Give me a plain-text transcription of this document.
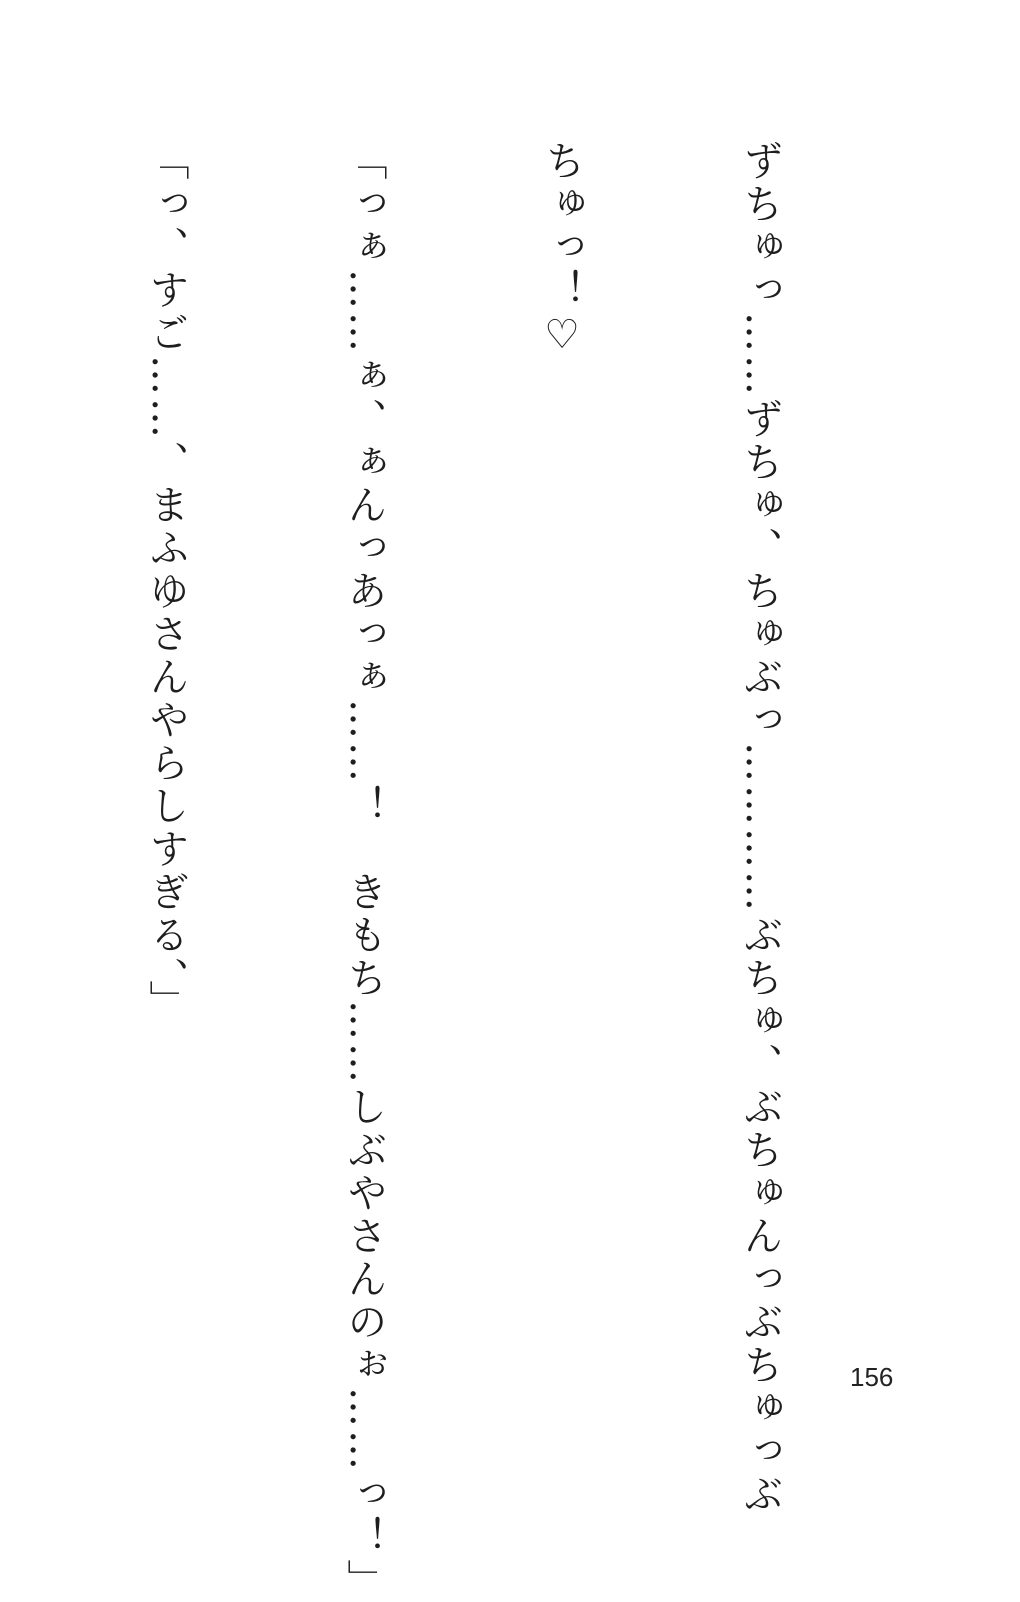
ずちゅっ……ずちゅ、ちゅぶっ…………ぶちゅ、ぶちゅんっぶちゅっぶ

ちゅっ！♡

「っぁ……ぁ、ぁんっあっぁ……！　きもち……しぶやさんのぉ……っ！」

「っ、すご……、まふゆさんやらしすぎる、」

156
